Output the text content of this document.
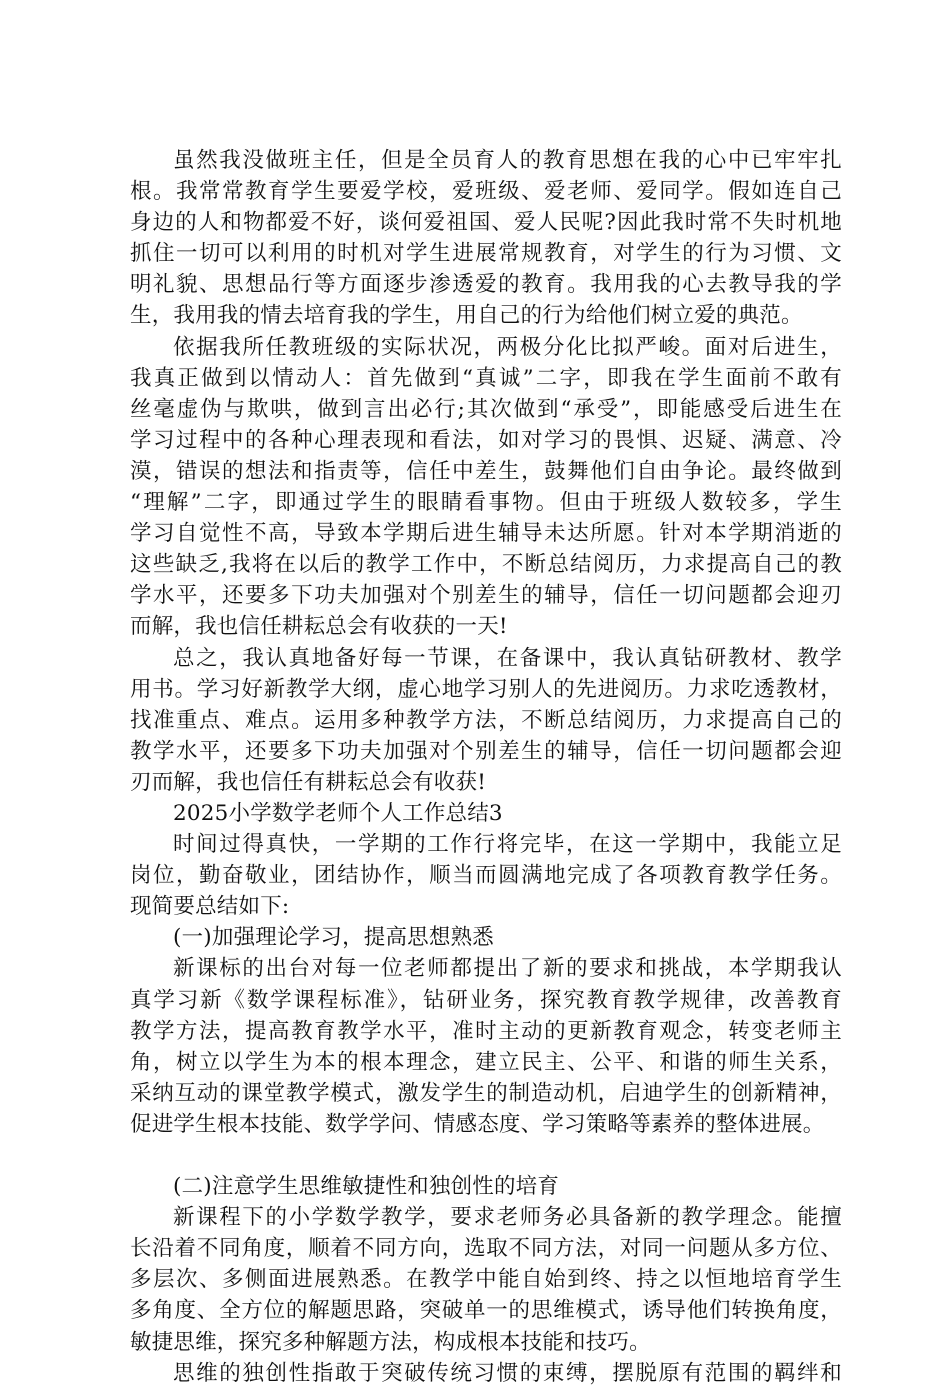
虽然我没做班主任，但是全员育人的教育思想在我的心中已牢牢扎
根。我常常教育学生要爱学校，爱班级、爱老师、爱同学。假如连自己
身边的人和物都爱不好，谈何爱祖国、爱人民呢?因此我时常不失时机地
抓住一切可以利用的时机对学生进展常规教育，对学生的行为习惯、文
明礼貌、思想品行等方面逐步渗透爱的教育。我用我的心去教导我的学
生，我用我的情去培育我的学生，用自己的行为给他们树立爱的典范。
依据我所任教班级的实际状况，两极分化比拟严峻。面对后进生，
我真正做到以情动人：首先做到“真诚”二字，即我在学生面前不敢有
丝毫虚伪与欺哄，做到言出必行;其次做到“承受”，即能感受后进生在
学习过程中的各种心理表现和看法，如对学习的畏惧、迟疑、满意、冷
漠，错误的想法和指责等，信任中差生，鼓舞他们自由争论。最终做到
“理解”二字，即通过学生的眼睛看事物。但由于班级人数较多，学生
学习自觉性不高，导致本学期后进生辅导未达所愿。针对本学期消逝的
这些缺乏,我将在以后的教学工作中，不断总结阅历，力求提高自己的教
学水平，还要多下功夫加强对个别差生的辅导，信任一切问题都会迎刃
而解，我也信任耕耘总会有收获的一天!
总之，我认真地备好每一节课，在备课中，我认真钻研教材、教学
用书。学习好新教学大纲，虚心地学习别人的先进阅历。力求吃透教材，
找准重点、难点。运用多种教学方法，不断总结阅历，力求提高自己的
教学水平，还要多下功夫加强对个别差生的辅导，信任一切问题都会迎
刃而解，我也信任有耕耘总会有收获!
2025小学数学老师个人工作总结3
时间过得真快，一学期的工作行将完毕，在这一学期中，我能立足
岗位，勤奋敬业，团结协作，顺当而圆满地完成了各项教育教学任务。
现简要总结如下:
(一)加强理论学习，提高思想熟悉
新课标的出台对每一位老师都提出了新的要求和挑战，本学期我认
真学习新《数学课程标准》，钻研业务，探究教育教学规律，改善教育
教学方法，提高教育教学水平，准时主动的更新教育观念，转变老师主
角，树立以学生为本的根本理念，建立民主、公平、和谐的师生关系，
采纳互动的课堂教学模式，激发学生的制造动机，启迪学生的创新精神，
促进学生根本技能、数学学问、情感态度、学习策略等素养的整体进展。
(二)注意学生思维敏捷性和独创性的培育
新课程下的小学数学教学，要求老师务必具备新的教学理念。能擅
长沿着不同角度，顺着不同方向，选取不同方法，对同一问题从多方位、
多层次、多侧面进展熟悉。在教学中能自始到终、持之以恒地培育学生
多角度、全方位的解题思路，突破单一的思维模式，诱导他们转换角度，
敏捷思维，探究多种解题方法，构成根本技能和技巧。
思维的独创性指敢于突破传统习惯的束缚，摆脱原有范围的羁绊和
